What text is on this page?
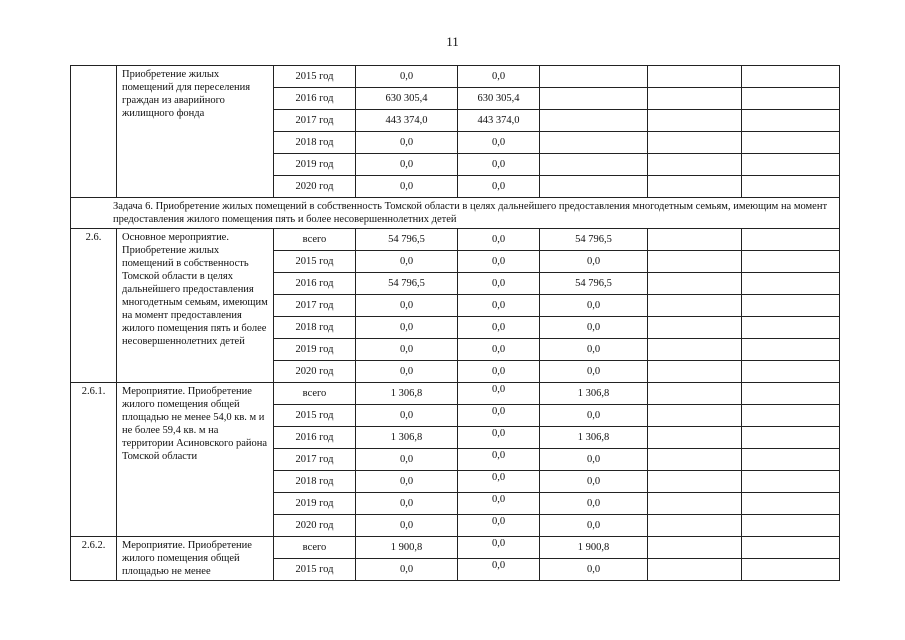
11
	Приобретение жилых помещений для переселения граждан из аварийного жилищного фонда	2015 год	0,0	0,0			
		2016 год	630 305,4	630 305,4			
		2017 год	443 374,0	443 374,0			
		2018 год	0,0	0,0			
		2019 год	0,0	0,0			
		2020 год	0,0	0,0			
Задача 6. Приобретение жилых помещений в собственность Томской области в целях дальнейшего предоставления многодетным семьям, имеющим на момент предоставления жилого помещения пять и более несовершеннолетних детей							
2.6.	Основное мероприятие. Приобретение жилых помещений в собственность Томской области в целях дальнейшего предоставления многодетным семьям, имеющим на момент предоставления жилого помещения пять и более несовершеннолетних детей	всего	54 796,5	0,0	54 796,5		
		2015 год	0,0	0,0	0,0		
		2016 год	54 796,5	0,0	54 796,5		
		2017 год	0,0	0,0	0,0		
		2018 год	0,0	0,0	0,0		
		2019 год	0,0	0,0	0,0		
		2020 год	0,0	0,0	0,0		
2.6.1.	Мероприятие. Приобретение жилого помещения общей площадью не менее 54,0 кв. м и не более 59,4 кв. м на территории Асиновского района Томской области	всего	1 306,8	0,0	1 306,8		
		2015 год	0,0	0,0	0,0		
		2016 год	1 306,8	0,0	1 306,8		
		2017 год	0,0	0,0	0,0		
		2018 год	0,0	0,0	0,0		
		2019 год	0,0	0,0	0,0		
		2020 год	0,0	0,0	0,0		
2.6.2.	Мероприятие. Приобретение жилого помещения общей площадью не менее	всего	1 900,8	0,0	1 900,8		
		2015 год	0,0	0,0	0,0		
